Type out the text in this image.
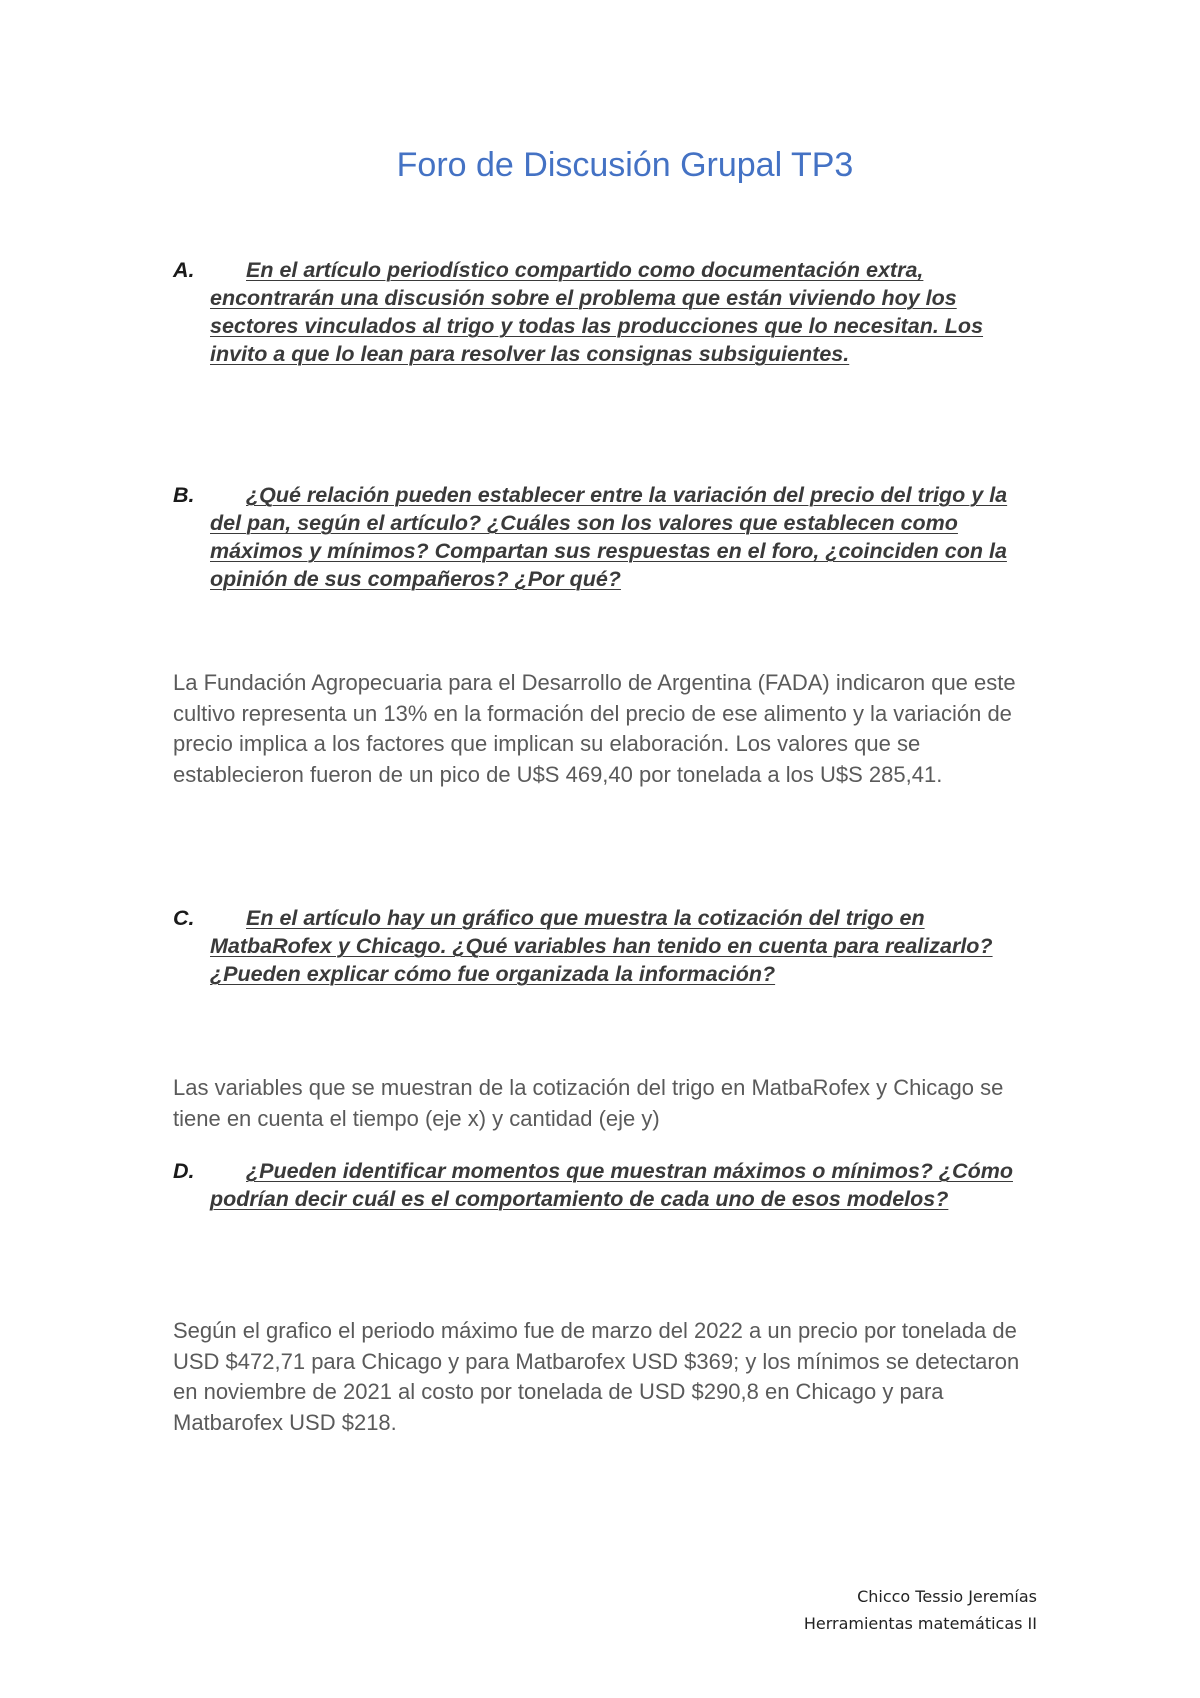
Foro de Discusión Grupal TP3
A.	En el artículo periodístico compartido como documentación extra, encontrarán una discusión sobre el problema que están viviendo hoy los sectores vinculados al trigo y todas las producciones que lo necesitan. Los invito a que lo lean para resolver las consignas subsiguientes.
B.	¿Qué relación pueden establecer entre la variación del precio del trigo y la del pan, según el artículo? ¿Cuáles son los valores que establecen como máximos y mínimos? Compartan sus respuestas en el foro, ¿coinciden con la opinión de sus compañeros? ¿Por qué?
La Fundación Agropecuaria para el Desarrollo de Argentina (FADA) indicaron que este cultivo representa un 13% en la formación del precio de ese alimento y la variación de precio implica a los factores que implican su elaboración. Los valores que se establecieron fueron de un pico de U$S 469,40 por tonelada a los U$S 285,41.
C.	En el artículo hay un gráfico que muestra la cotización del trigo en MatbaRofex y Chicago. ¿Qué variables han tenido en cuenta para realizarlo? ¿Pueden explicar cómo fue organizada la información?
Las variables que se muestran de la cotización del trigo en MatbaRofex y Chicago se tiene en cuenta el tiempo (eje x) y cantidad (eje y)
D.	¿Pueden identificar momentos que muestran máximos o mínimos? ¿Cómo podrían decir cuál es el comportamiento de cada uno de esos modelos?
Según el grafico el periodo máximo fue de marzo del 2022 a un precio por tonelada de USD $472,71 para Chicago y para Matbarofex USD $369; y los mínimos se detectaron en noviembre de 2021 al costo por tonelada de USD $290,8 en Chicago y para Matbarofex USD $218.
Chicco Tessio Jeremías
Herramientas matemáticas II
